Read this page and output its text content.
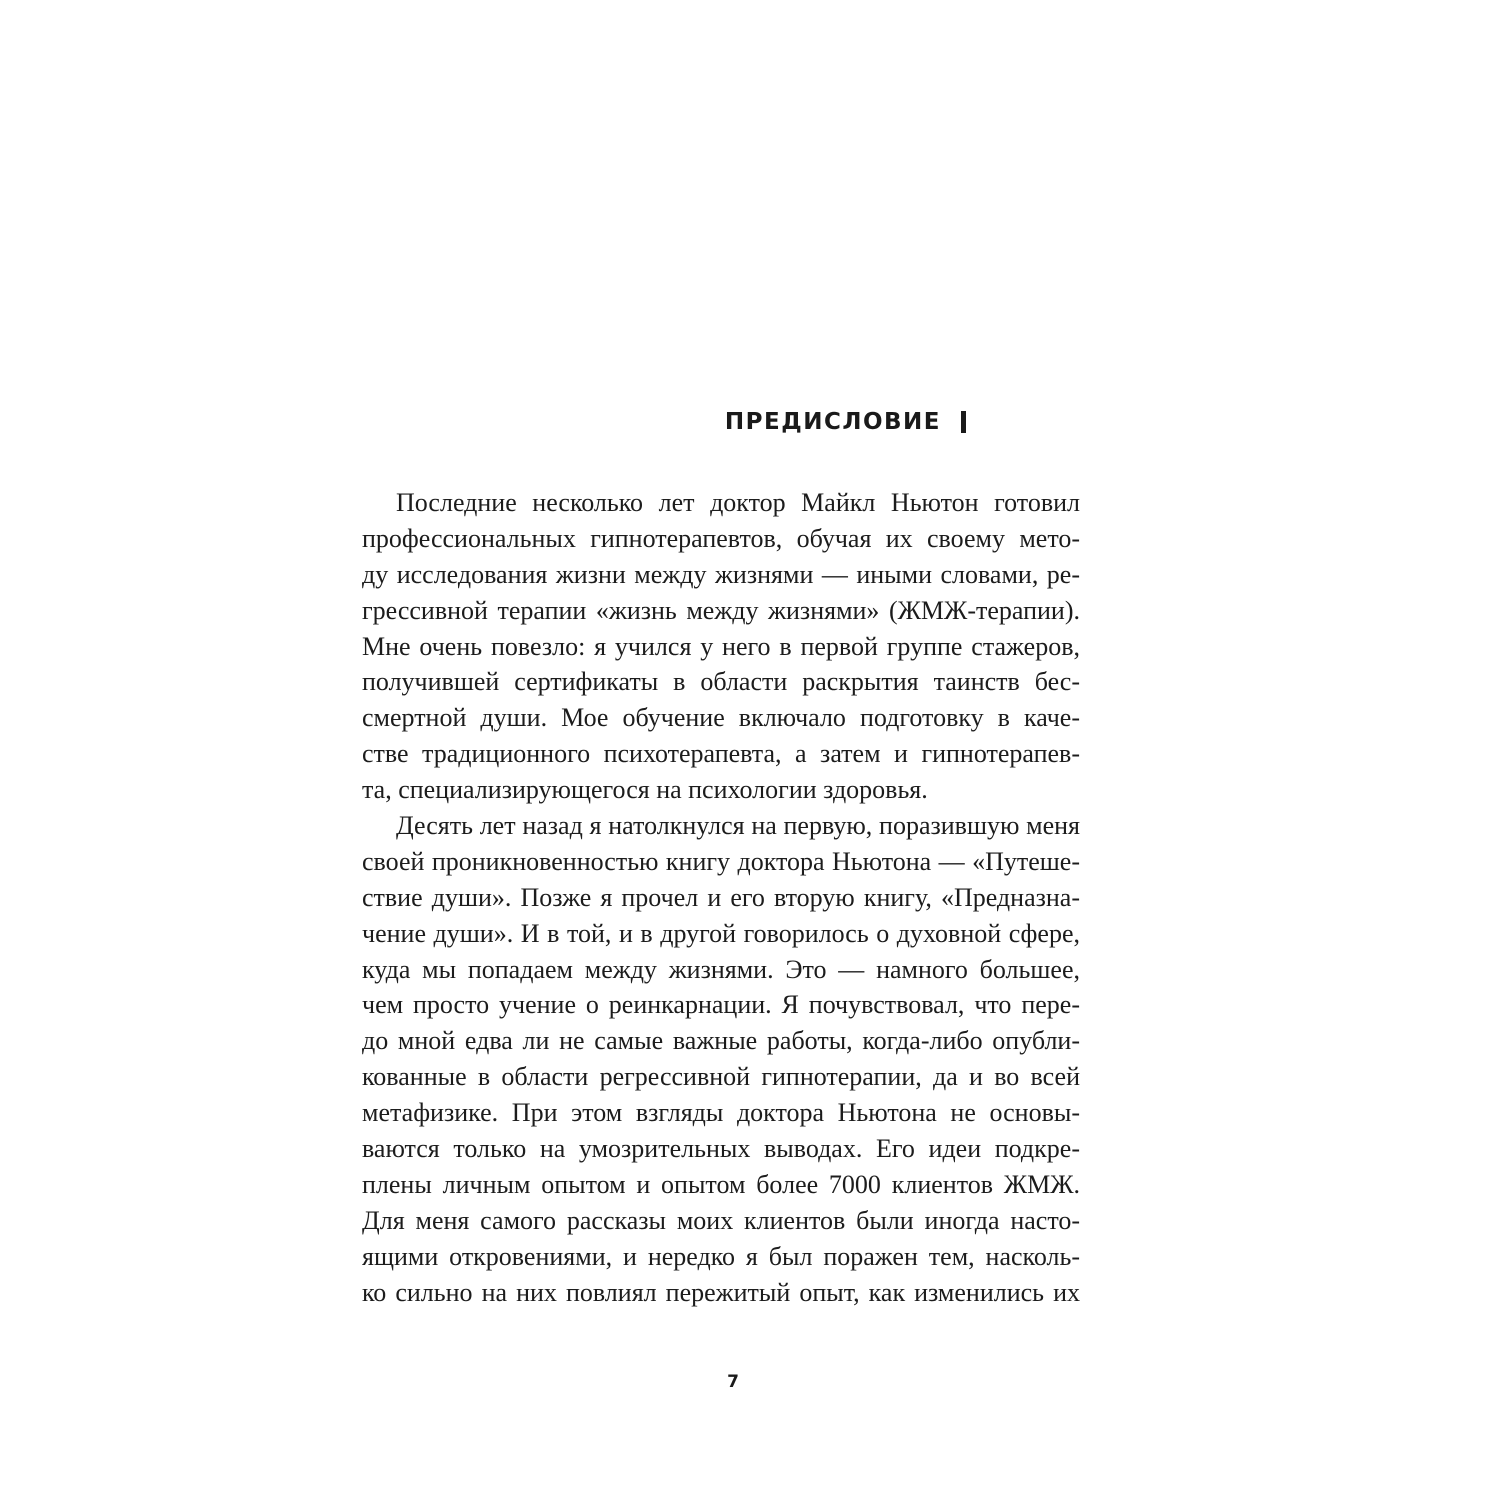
ПРЕДИСЛОВИЕ
Последние несколько лет доктор Майкл Ньютон готовил
профессиональных гипнотерапевтов, обучая их своему мето-
ду исследования жизни между жизнями — иными словами, ре-
грессивной терапии «жизнь между жизнями» (ЖМЖ-терапии).
Мне очень повезло: я учился у него в первой группе стажеров,
получившей сертификаты в области раскрытия таинств бес-
смертной души. Мое обучение включало подготовку в каче-
стве традиционного психотерапевта, а затем и гипнотерапев-
та, специализирующегося на психологии здоровья.
Десять лет назад я натолкнулся на первую, поразившую меня
своей проникновенностью книгу доктора Ньютона — «Путеше-
ствие души». Позже я прочел и его вторую книгу, «Предназна-
чение души». И в той, и в другой говорилось о духовной сфере,
куда мы попадаем между жизнями. Это — намного большее,
чем просто учение о реинкарнации. Я почувствовал, что пере-
до мной едва ли не самые важные работы, когда-либо опубли-
кованные в области регрессивной гипнотерапии, да и во всей
метафизике. При этом взгляды доктора Ньютона не основы-
ваются только на умозрительных выводах. Его идеи подкре-
плены личным опытом и опытом более 7000 клиентов ЖМЖ.
Для меня самого рассказы моих клиентов были иногда насто-
ящими откровениями, и нередко я был поражен тем, насколь-
ко сильно на них повлиял пережитый опыт, как изменились их
7
